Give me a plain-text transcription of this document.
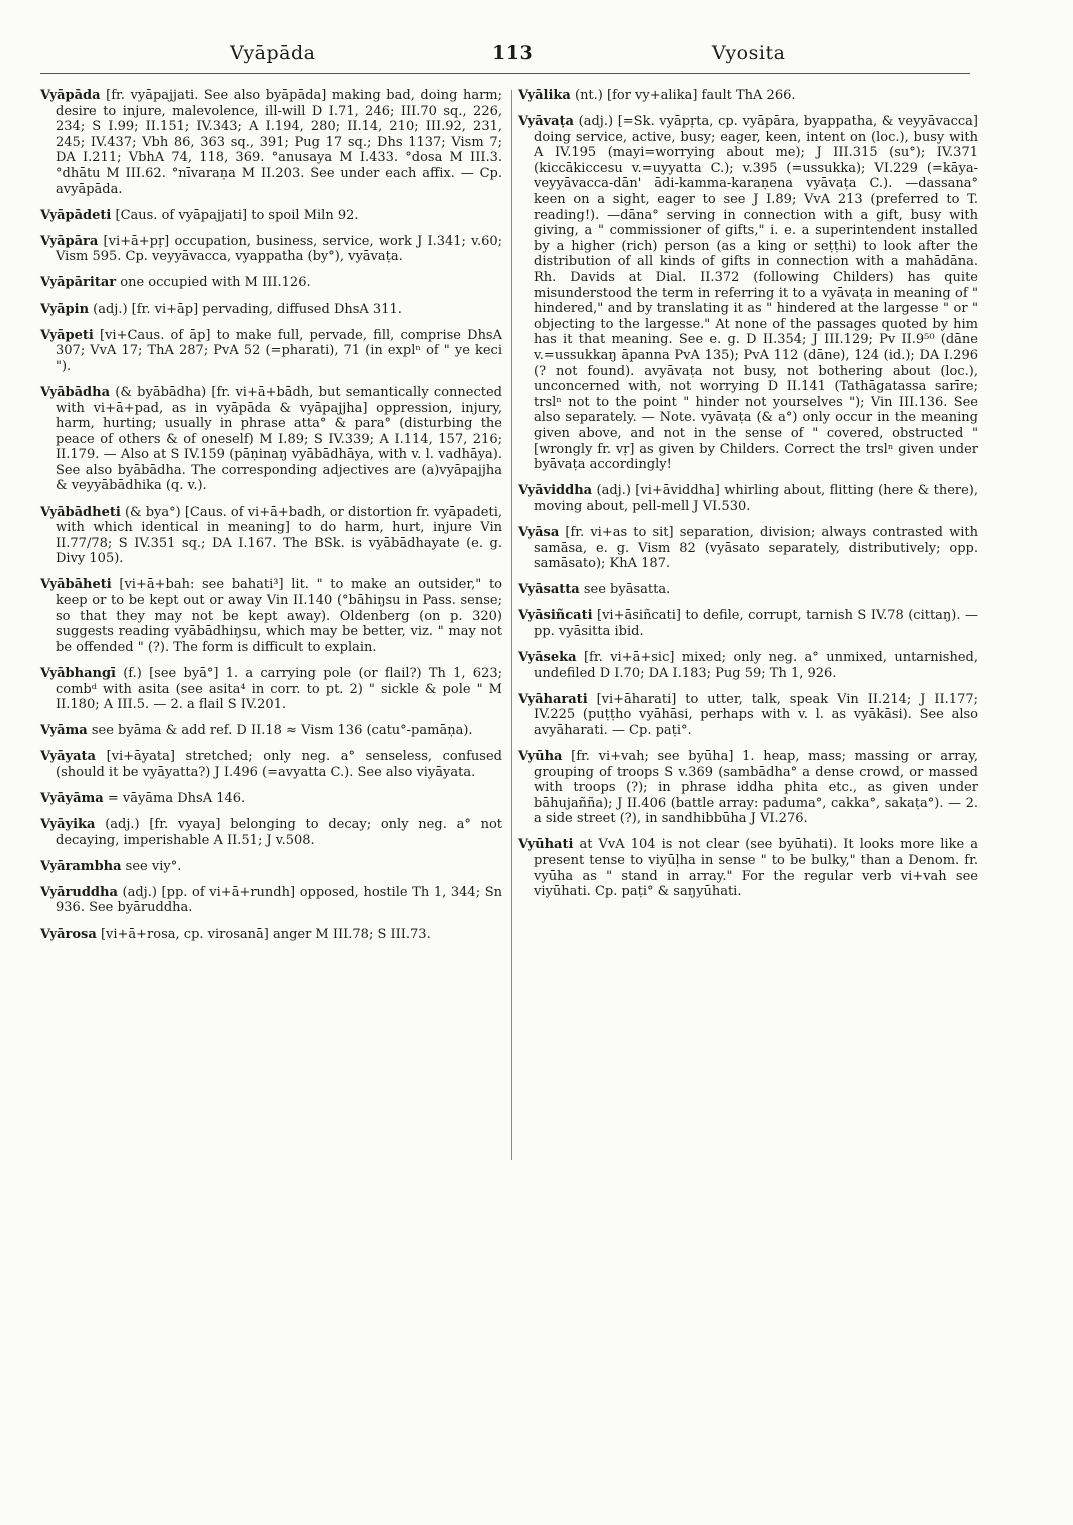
Vyāpāda	113	Vyosita

Vyāpāda [fr. vyāpajjati. See also byāpāda] making bad, doing harm; desire to injure, malevolence, ill-will D I.71, 246; III.70 sq., 226, 234; S I.99; II.151; IV.343; A I.194, 280; II.14, 210; III.92, 231, 245; IV.437; Vbh 86, 363 sq., 391; Pug 17 sq.; Dhs 1137; Vism 7; DA I.211; VbhA 74, 118, 369. °anusaya M I.433. °dosa M III.3. °dhātu M III.62. °nīvaraṇa M II.203. See under each affix. — Cp. avyāpāda.

Vyāpādeti [Caus. of vyāpajjati] to spoil Miln 92.

Vyāpāra [vi+ā+pṛ] occupation, business, service, work J I.341; v.60; Vism 595. Cp. veyyāvacca, vyappatha (by°), vyāvaṭa.

Vyāpāritar one occupied with M III.126.

Vyāpin (adj.) [fr. vi+āp] pervading, diffused DhsA 311.

Vyāpeti [vi+Caus. of āp] to make full, pervade, fill, comprise DhsA 307; VvA 17; ThA 287; PvA 52 (=pharati), 71 (in explⁿ of " ye keci ").

Vyābādha (& byābādha) [fr. vi+ā+bādh, but semantically connected with vi+ā+pad, as in vyāpāda & vyāpajjha] oppression, injury, harm, hurting; usually in phrase atta° & para° (disturbing the peace of others & of oneself) M I.89; S IV.339; A I.114, 157, 216; II.179. — Also at S IV.159 (pāṇinaŋ vyābādhāya, with v. l. vadhāya). See also byābādha. The corresponding adjectives are (a)vyāpajjha & veyyābādhika (q. v.).

Vyābādheti (& bya°) [Caus. of vi+ā+badh, or distortion fr. vyāpadeti, with which identical in meaning] to do harm, hurt, injure Vin II.77/78; S IV.351 sq.; DA I.167. The BSk. is vyābādhayate (e. g. Divy 105).

Vyābāheti [vi+ā+bah: see bahati³] lit. " to make an outsider," to keep or to be kept out or away Vin II.140 (°bāhiŋsu in Pass. sense; so that they may not be kept away). Oldenberg (on p. 320) suggests reading vyābādhiŋsu, which may be better, viz. " may not be offended " (?). The form is difficult to explain.

Vyābhangī (f.) [see byā°] 1. a carrying pole (or flail?) Th 1, 623; combᵈ with asita (see asita⁴ in corr. to pt. 2) " sickle & pole " M II.180; A III.5. — 2. a flail S IV.201.

Vyāma see byāma & add ref. D II.18 ≈ Vism 136 (catu°-pamāṇa).

Vyāyata [vi+āyata] stretched; only neg. a° senseless, confused (should it be vyāyatta?) J I.496 (=avyatta C.). See also viyāyata.

Vyāyāma = vāyāma DhsA 146.

Vyāyika (adj.) [fr. vyaya] belonging to decay; only neg. a° not decaying, imperishable A II.51; J v.508.

Vyārambha see viy°.

Vyāruddha (adj.) [pp. of vi+ā+rundh] opposed, hostile Th 1, 344; Sn 936. See byāruddha.

Vyārosa [vi+ā+rosa, cp. virosanā] anger M III.78; S III.73.

Vyālika (nt.) [for vy+alika] fault ThA 266.

Vyāvaṭa (adj.) [=Sk. vyāpṛta, cp. vyāpāra, byappatha, & veyyāvacca] doing service, active, busy; eager, keen, intent on (loc.), busy with A IV.195 (mayi=worrying about me); J III.315 (su°); IV.371 (kiccākiccesu v.=uyyatta C.); v.395 (=ussukka); VI.229 (=kāya-veyyāvacca-dān' ādi-kamma-karaṇena vyāvaṭa C.). —dassana° keen on a sight, eager to see J I.89; VvA 213 (preferred to T. reading!). —dāna° serving in connection with a gift, busy with giving, a " commissioner of gifts," i. e. a superintendent installed by a higher (rich) person (as a king or seṭṭhi) to look after the distribution of all kinds of gifts in connection with a mahādāna. Rh. Davids at Dial. II.372 (following Childers) has quite misunderstood the term in referring it to a vyāvaṭa in meaning of " hindered," and by translating it as " hindered at the largesse " or " objecting to the largesse." At none of the passages quoted by him has it that meaning. See e. g. D II.354; J III.129; Pv II.9⁵⁰ (dāne v.=ussukkaŋ āpanna PvA 135); PvA 112 (dāne), 124 (id.); DA I.296 (? not found). avyāvaṭa not busy, not bothering about (loc.), unconcerned with, not worrying D II.141 (Tathāgatassa sarīre; trslⁿ not to the point " hinder not yourselves "); Vin III.136. See also separately. — Note. vyāvaṭa (& a°) only occur in the meaning given above, and not in the sense of " covered, obstructed " [wrongly fr. vṛ] as given by Childers. Correct the trslⁿ given under byāvaṭa accordingly!

Vyāviddha (adj.) [vi+āviddha] whirling about, flitting (here & there), moving about, pell-mell J VI.530.

Vyāsa [fr. vi+as to sit] separation, division; always contrasted with samāsa, e. g. Vism 82 (vyāsato separately, distributively; opp. samāsato); KhA 187.

Vyāsatta see byāsatta.

Vyāsiñcati [vi+āsiñcati] to defile, corrupt, tarnish S IV.78 (cittaŋ). — pp. vyāsitta ibid.

Vyāseka [fr. vi+ā+sic] mixed; only neg. a° unmixed, untarnished, undefiled D I.70; DA I.183; Pug 59; Th 1, 926.

Vyāharati [vi+āharati] to utter, talk, speak Vin II.214; J II.177; IV.225 (puṭṭho vyāhāsi, perhaps with v. l. as vyākāsi). See also avyāharati. — Cp. paṭi°.

Vyūha [fr. vi+vah; see byūha] 1. heap, mass; massing or array, grouping of troops S v.369 (sambādha° a dense crowd, or massed with troops (?); in phrase iddha phita etc., as given under bāhujañña); J II.406 (battle array: paduma°, cakka°, sakaṭa°). — 2. a side street (?), in sandhibbūha J VI.276.

Vyūhati at VvA 104 is not clear (see byūhati). It looks more like a present tense to viyūḷha in sense " to be bulky," than a Denom. fr. vyūha as " stand in array." For the regular verb vi+vah see viyūhati. Cp. paṭi° & saŋyūhati.
